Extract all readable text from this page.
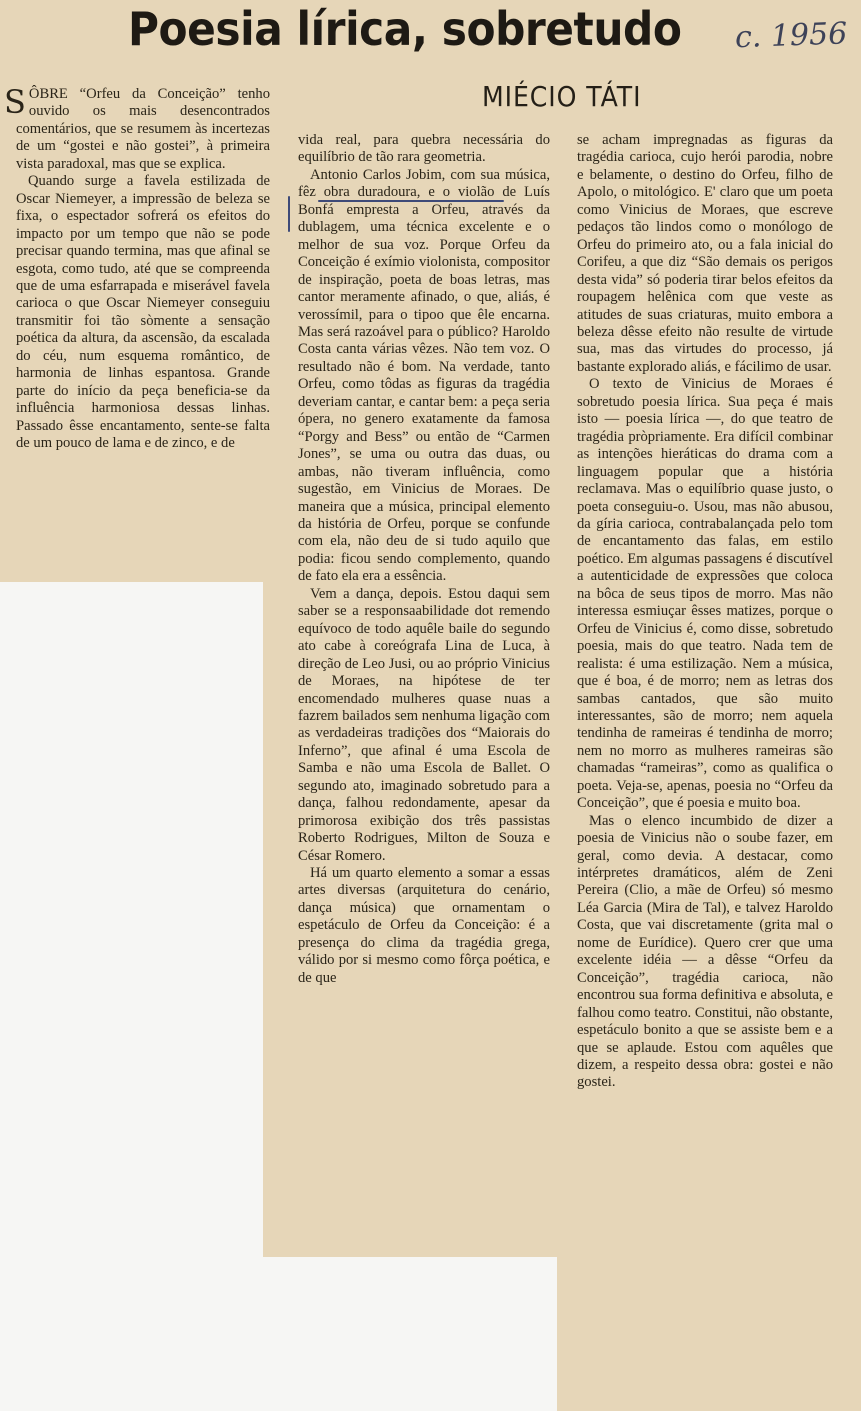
Poesia lírica, sobretudo c. 1956
MIÉCIO TÁTI

SÔBRE “Orfeu da Conceição” tenho ouvido os mais desencontrados comentários, que se resumem às incertezas de um “gostei e não gostei”, à primeira vista paradoxal, mas que se explica.

Quando surge a favela estilizada de Oscar Niemeyer, a impressão de beleza se fixa, o espectador sofrerá os efeitos do impacto por um tempo que não se pode precisar quando termina, mas que afinal se esgota, como tudo, até que se compreenda que de uma esfarrapada e miserável favela carioca o que Oscar Niemeyer conseguiu transmitir foi tão sòmente a sensação poética da altura, da ascensão, da escalada do céu, num esquema romântico, de harmonia de linhas espantosa. Grande parte do início da peça beneficia-se da influência harmoniosa dessas linhas. Passado êsse encantamento, sente-se falta de um pouco de lama e de zinco, e de

vida real, para quebra necessária do equilíbrio de tão rara geometria.

Antonio Carlos Jobim, com sua música, fêz obra duradoura, e o violão de Luís Bonfá empresta a Orfeu, através da dublagem, uma técnica excelente e o melhor de sua voz. Porque Orfeu da Conceição é exímio violonista, compositor de inspiração, poeta de boas letras, mas cantor meramente afinado, o que, aliás, é verossímil, para o tipoo que êle encarna. Mas será razoável para o público? Haroldo Costa canta várias vêzes. Não tem voz. O resultado não é bom. Na verdade, tanto Orfeu, como tôdas as figuras da tragédia deveriam cantar, e cantar bem: a peça seria ópera, no genero exatamente da famosa “Porgy and Bess” ou então de “Carmen Jones”, se uma ou outra das duas, ou ambas, não tiveram influência, como sugestão, em Vinicius de Moraes. De maneira que a música, principal elemento da história de Orfeu, porque se confunde com ela, não deu de si tudo aquilo que podia: ficou sendo complemento, quando de fato ela era a essência.

Vem a dança, depois. Estou daqui sem saber se a responsaabilidade dot remendo equívoco de todo aquêle baile do segundo ato cabe à coreógrafa Lina de Luca, à direção de Leo Jusi, ou ao próprio Vinicius de Moraes, na hipótese de ter encomendado mulheres quase nuas a fazrem bailados sem nenhuma ligação com as verdadeiras tradições dos “Maiorais do Inferno”, que afinal é uma Escola de Samba e não uma Escola de Ballet. O segundo ato, imaginado sobretudo para a dança, falhou redondamente, apesar da primorosa exibição dos três passistas Roberto Rodrigues, Milton de Souza e César Romero.

Há um quarto elemento a somar a essas artes diversas (arquitetura do cenário, dança música) que ornamentam o espetáculo de Orfeu da Conceição: é a presença do clima da tragédia grega, válido por si mesmo como fôrça poética, e de que

se acham impregnadas as figuras da tragédia carioca, cujo herói parodia, nobre e belamente, o destino do Orfeu, filho de Apolo, o mitológico. E' claro que um poeta como Vinicius de Moraes, que escreve pedaços tão lindos como o monólogo de Orfeu do primeiro ato, ou a fala inicial do Corifeu, a que diz “São demais os perigos desta vida” só poderia tirar belos efeitos da roupagem helênica com que veste as atitudes de suas criaturas, muito embora a beleza dêsse efeito não resulte de virtude sua, mas das virtudes do processo, já bastante explorado aliás, e fácilimo de usar.

O texto de Vinicius de Moraes é sobretudo poesia lírica. Sua peça é mais isto — poesia lírica —, do que teatro de tragédia pròpriamente. Era difícil combinar as intenções hieráticas do drama com a linguagem popular que a história reclamava. Mas o equilíbrio quase justo, o poeta conseguiu-o. Usou, mas não abusou, da gíria carioca, contrabalançada pelo tom de encantamento das falas, em estilo poético. Em algumas passagens é discutível a autenticidade de expressões que coloca na bôca de seus tipos de morro. Mas não interessa esmiuçar êsses matizes, porque o Orfeu de Vinicius é, como disse, sobretudo poesia, mais do que teatro. Nada tem de realista: é uma estilização. Nem a música, que é boa, é de morro; nem as letras dos sambas cantados, que são muito interessantes, são de morro; nem aquela tendinha de rameiras é tendinha de morro; nem no morro as mulheres rameiras são chamadas “rameiras”, como as qualifica o poeta. Veja-se, apenas, poesia no “Orfeu da Conceição”, que é poesia e muito boa.

Mas o elenco incumbido de dizer a poesia de Vinicius não o soube fazer, em geral, como devia. A destacar, como intérpretes dramáticos, além de Zeni Pereira (Clio, a mãe de Orfeu) só mesmo Léa Garcia (Mira de Tal), e talvez Haroldo Costa, que vai discretamente (grita mal o nome de Eurídice). Quero crer que uma excelente idéia — a dêsse “Orfeu da Conceição”, tragédia carioca, não encontrou sua forma definitiva e absoluta, e falhou como teatro. Constitui, não obstante, espetáculo bonito a que se assiste bem e a que se aplaude. Estou com aquêles que dizem, a respeito dessa obra: gostei e não gostei.
